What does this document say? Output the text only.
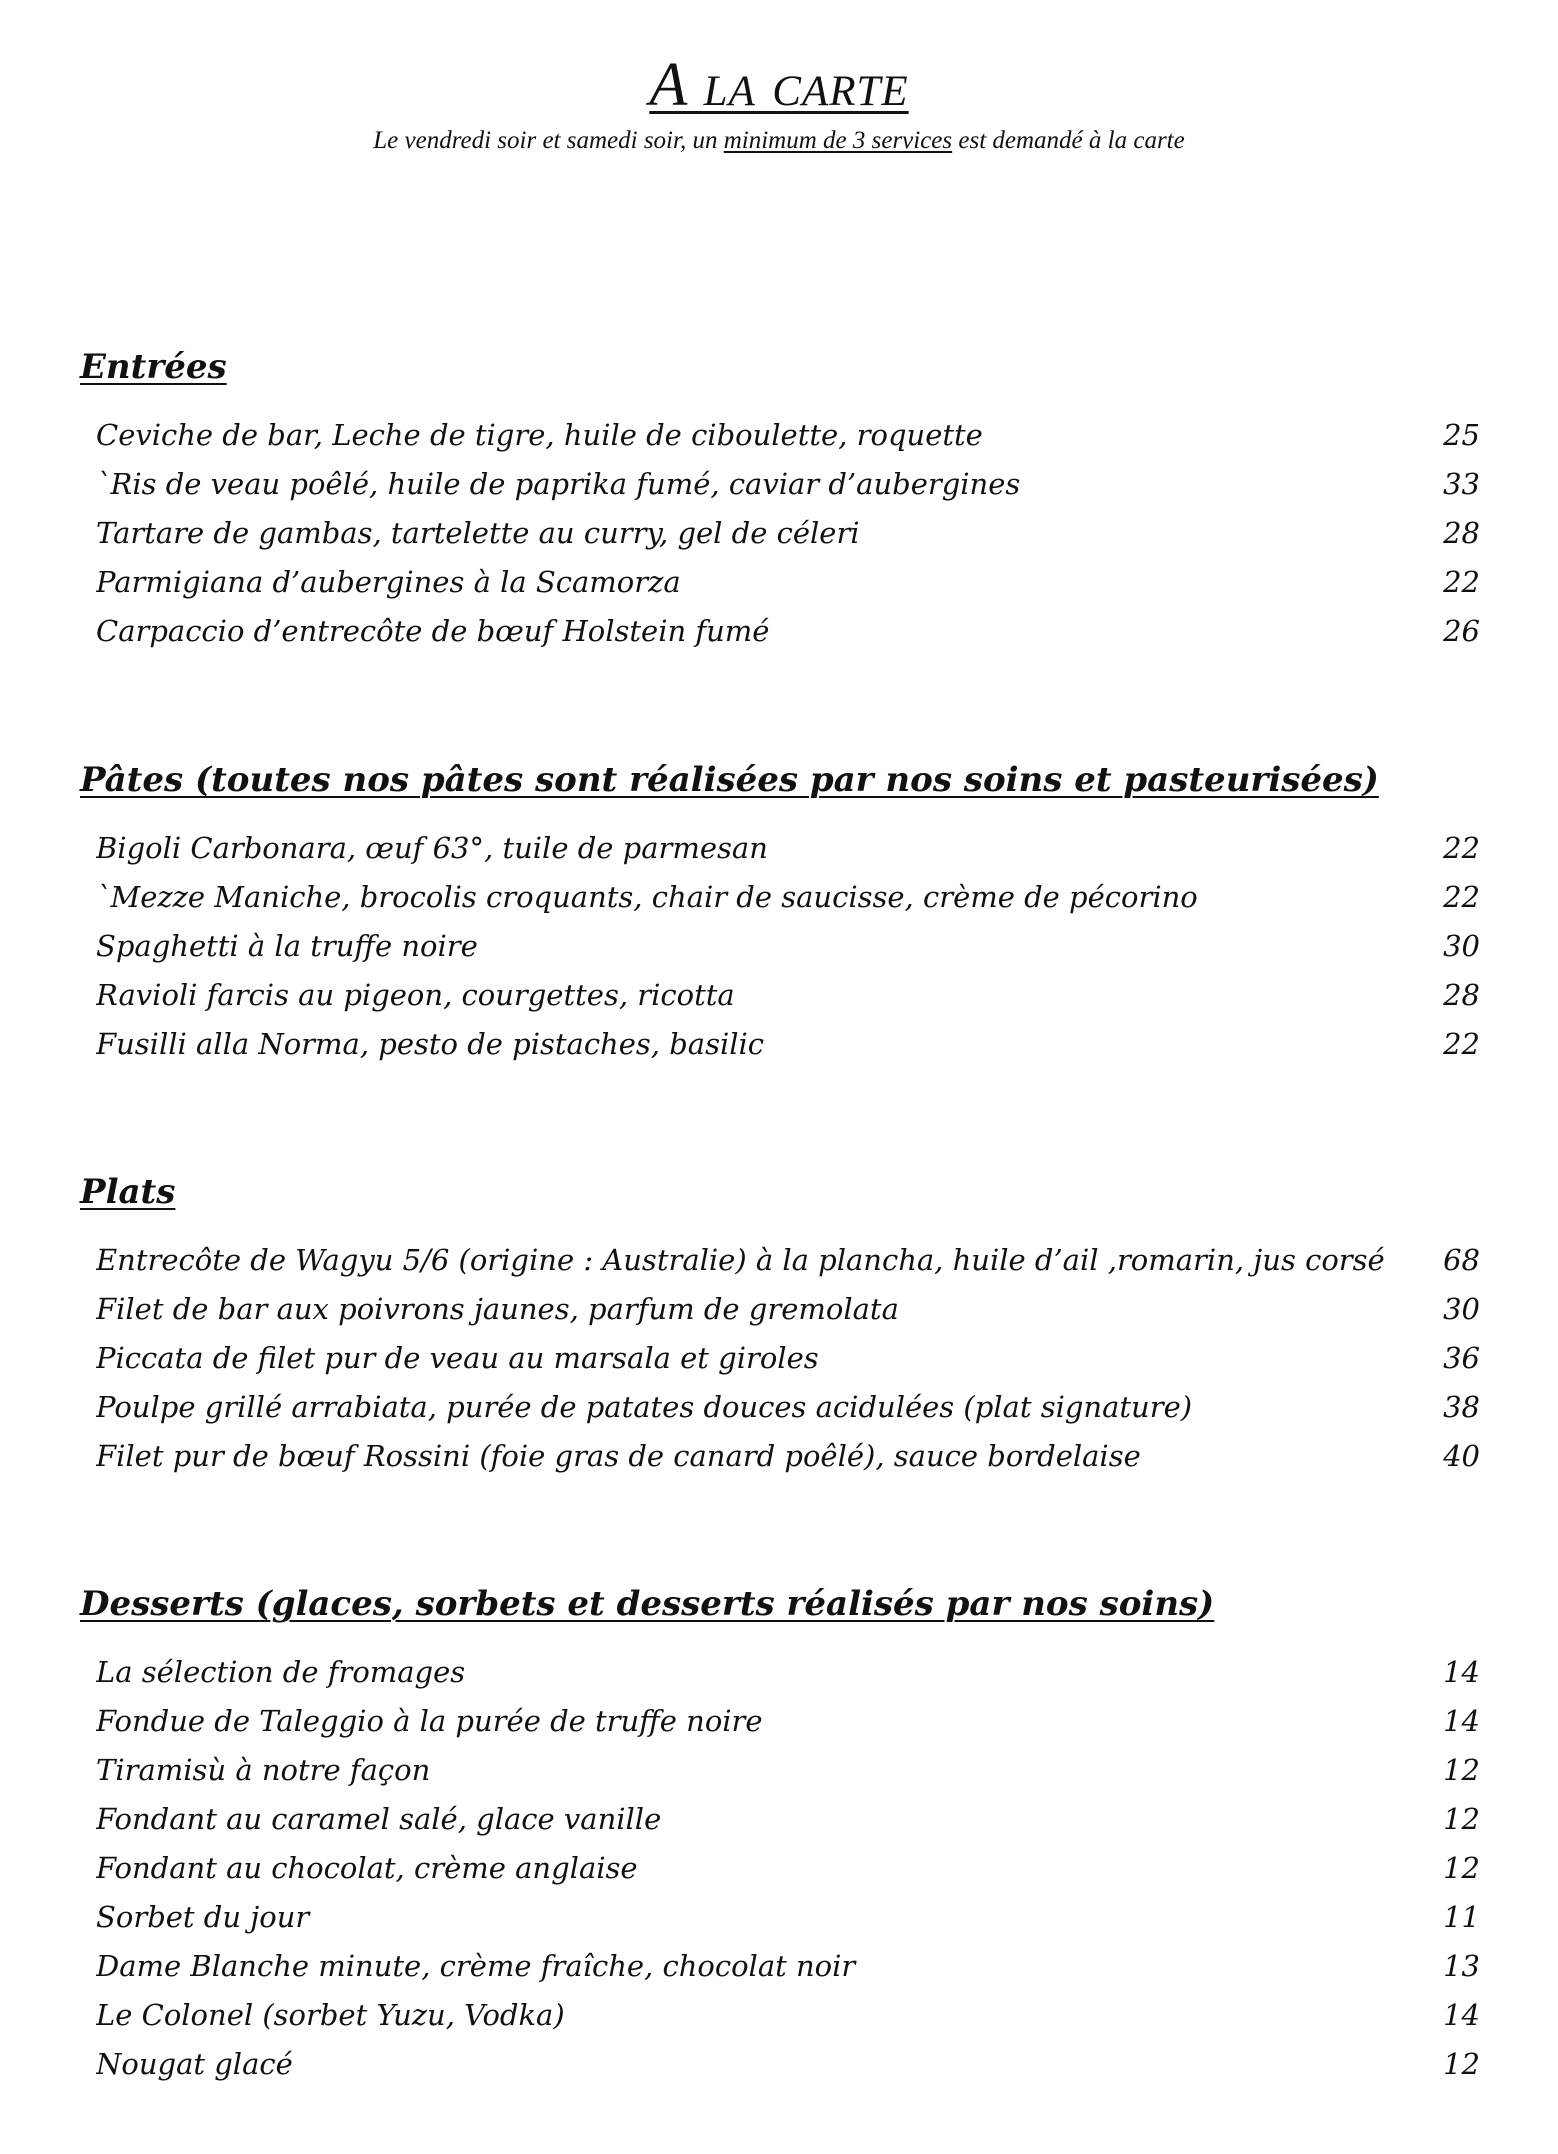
A la carte
Le vendredi soir et samedi soir, un minimum de 3 services est demandé à la carte
Entrées
Ceviche de bar, Leche de tigre, huile de ciboulette, roquette	25
`Ris de veau poêlé, huile de paprika fumé, caviar d’aubergines	33
Tartare de gambas, tartelette au curry, gel de céleri	28
Parmigiana d’aubergines à la Scamorza	22
Carpaccio d’entrecôte de bœuf Holstein fumé	26
Pâtes (toutes nos pâtes sont réalisées par nos soins et pasteurisées)
Bigoli Carbonara, œuf 63°, tuile de parmesan	22
`Mezze Maniche, brocolis croquants, chair de saucisse, crème de pécorino	22
Spaghetti à la truffe noire	30
Ravioli farcis au pigeon, courgettes, ricotta	28
Fusilli alla Norma, pesto de pistaches, basilic	22
Plats
Entrecôte de Wagyu 5/6 (origine : Australie) à la plancha, huile d’ail ,romarin, jus corsé	68
Filet de bar aux poivrons jaunes, parfum de gremolata	30
Piccata de filet pur de veau au marsala et giroles	36
Poulpe grillé arrabiata, purée de patates douces acidulées (plat signature)	38
Filet pur de bœuf Rossini (foie gras de canard poêlé), sauce bordelaise	40
Desserts (glaces, sorbets et desserts réalisés par nos soins)
La sélection de fromages	14
Fondue de Taleggio à la purée de truffe noire	14
Tiramisù à notre façon	12
Fondant au caramel salé, glace vanille	12
Fondant au chocolat, crème anglaise	12
Sorbet du jour	11
Dame Blanche minute, crème fraîche, chocolat noir	13
Le Colonel (sorbet Yuzu, Vodka)	14
Nougat glacé	12
